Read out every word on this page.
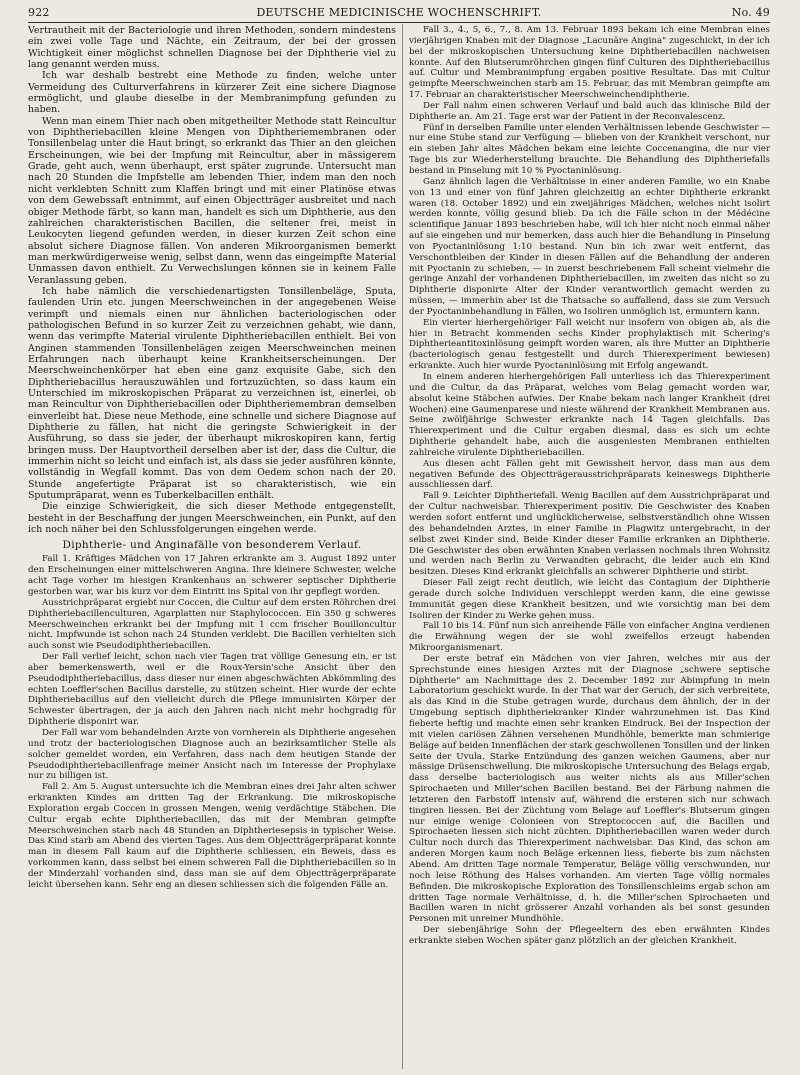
922	DEUTSCHE MEDICINISCHE WOCHENSCHRIFT.	No. 49

Vertrautheit mit der Bacteriologie und ihren Methoden, sondern mindestens ein zwei volle Tage und Nächte, ein Zeitraum, der bei der grossen Wichtigkeit einer möglichst schnellen Diagnose bei der Diphtherie viel zu lang genannt werden muss.

Ich war deshalb bestrebt eine Methode zu finden, welche unter Vermeidung des Culturverfahrens in kürzerer Zeit eine sichere Diagnose ermöglicht, und glaube dieselbe in der Membranimpfung gefunden zu haben.

Wenn man einem Thier nach oben mitgetheilter Methode statt Reincultur von Diphtheriebacillen kleine Mengen von Diphtheriemembranen oder Tonsillenbelag unter die Haut bringt, so erkrankt das Thier an den gleichen Erscheinungen, wie bei der Impfung mit Reincultur, aber in mässigerem Grade, geht auch, wenn überhaupt, erst später zugrunde. Untersucht man nach 20 Stunden die Impfstelle am lebenden Thier, indem man den noch nicht verklebten Schnitt zum Klaffen bringt und mit einer Platinöse etwas von dem Gewebssaft entnimmt, auf einen Objectträger ausbreitet und nach obiger Methode färbt, so kann man, handelt es sich um Diphtherie, aus den zahlreichen charakteristischen Bacillen, die seltener frei, meist in Leukocyten liegend gefunden werden, in dieser kurzen Zeit schon eine absolut sichere Diagnose fällen. Von anderen Mikroorganismen bemerkt man merkwürdigerweise wenig, selbst dann, wenn das eingeimpfte Material Unmassen davon enthielt. Zu Verwechslungen können sie in keinem Falle Veranlassung geben.

Ich habe nämlich die verschiedenartigsten Tonsillenbeläge, Sputa, faulenden Urin etc. jungen Meerschweinchen in der angegebenen Weise verimpft und niemals einen nur ähnlichen bacteriologischen oder pathologischen Befund in so kurzer Zeit zu verzeichnen gehabt, wie dann, wenn das verimpfte Material virulente Diphtheriebacillen enthielt. Bei von Anginen stammenden Tonsillenbelägen zeigen Meerschweinchen meinen Erfahrungen nach überhaupt keine Krankheitserscheinungen. Der Meerschweinchenkörper hat eben eine ganz exquisite Gabe, sich den Diphtheriebacillus herauszuwählen und fortzuzüchten, so dass kaum ein Unterschied im mikroskopischen Präparat zu verzeichnen ist, einerlei, ob man Reincultur von Diphtheriebacillen oder Diphtheriemembran demselben einverleibt hat. Diese neue Methode, eine schnelle und sichere Diagnose auf Diphtherie zu fällen, hat nicht die geringste Schwierigkeit in der Ausführung, so dass sie jeder, der überhaupt mikroskopiren kann, fertig bringen muss. Der Hauptvortheil derselben aber ist der, dass die Cultur, die immerhin nicht so leicht und einfach ist, als dass sie jeder ausführen könnte, vollständig in Wegfall kommt. Das von dem Oedem schon nach der 20. Stunde angefertigte Präparat ist so charakteristisch, wie ein Sputumpräparat, wenn es Tuberkelbacillen enthält.

Die einzige Schwierigkeit, die sich dieser Methode entgegenstellt, besteht in der Beschaffung der jungen Meerschweinchen, ein Punkt, auf den ich noch näher bei den Schlussfolgerungen eingehen werde.

Diphtherie- und Anginafälle von besonderem Verlauf.

Fall 1. Kräftiges Mädchen von 17 Jahren erkrankte am 3. August 1892 unter den Erscheinungen einer mittelschweren Angina. Ihre kleinere Schwester, welche acht Tage vorher im hiesigen Krankenhaus an schwerer septischer Diphtherie gestorben war, war bis kurz vor dem Eintritt ins Spital von ihr gepflegt worden.

Ausstrichpräparat ergiebt nur Coccen, die Cultur auf dem ersten Röhrchen drei Diphtheriebacillenculturen, Agarplatten nur Staphylococcen. Ein 350 g schweres Meerschweinchen erkrankt bei der Impfung mit 1 ccm frischer Bouilloncultur nicht. Impfwunde ist schon nach 24 Stunden verklebt. Die Bacillen verhielten sich auch sonst wie Pseudodiphtheriebacillen.

Der Fall verlief leicht, schon nach vier Tagen trat völlige Genesung ein, er ist aber bemerkenswerth, weil er die Roux-Yersin'sche Ansicht über den Pseudodiphtheriebacillus, dass dieser nur einen abgeschwächten Abkömmling des echten Loeffler'schen Bacillus darstelle, zu stützen scheint. Hier wurde der echte Diphtheriebacillus auf den vielleicht durch die Pflege immunisirten Körper der Schwester übertragen, der ja auch den Jahren nach nicht mehr hochgradig für Diphtherie disponirt war.

Der Fall war vom behandelnden Arzte von vornherein als Diphtherie angesehen und trotz der bacteriologischen Diagnose auch an bezirksamtlicher Stelle als solcher gemeldet worden, ein Verfahren, dass nach dem heutigen Stande der Pseudodiphtheriebacillenfrage meiner Ansicht nach im Interesse der Prophylaxe nur zu billigen ist.

Fall 2. Am 5. August untersuchte ich die Membran eines drei Jahr alten schwer erkrankten Kindes am dritten Tag der Erkrankung. Die mikroskopische Exploration ergab Coccen in grossen Mengen, wenig verdächtige Stäbchen. Die Cultur ergab echte Diphtheriebacillen, das mit der Membran geimpfte Meerschweinchen starb nach 48 Stunden an Diphtheriesepsis in typischer Weise. Das Kind starb am Abend des vierten Tages. Aus dem Objectträgerpräparat konnte man in diesem Fall kaum auf die Diphtherie schliessen, ein Beweis, dass es vorkommen kann, dass selbst bei einem schweren Fall die Diphtheriebacillen so in der Minderzahl vorhanden sind, dass man sie auf dem Objectträgerpräparate leicht übersehen kann. Sehr eng an diesen schliessen sich die folgenden Fälle an.

Fall 3., 4., 5, 6., 7., 8. Am 13. Februar 1893 bekam ich eine Membran eines vierjährigen Knaben mit der Diagnose „Lacunäre Angina" zugeschickt, in der ich bei der mikroskopischen Untersuchung keine Diphtheriebacillen nachweisen konnte. Auf den Blutserumröhrchen gingen fünf Culturen des Diphtheriebacillus auf. Cultur und Membranimpfung ergaben positive Resultate. Das mit Cultur geimpfte Meerschweinchen starb am 15. Februar, das mit Membran geimpfte am 17. Februar an charakteristischer Meerschweinchendiphtherie.

Der Fall nahm einen schweren Verlauf und bald auch das klinische Bild der Diphtherie an. Am 21. Tage erst war der Patient in der Reconvalescenz.

Fünf in derselben Familie unter elenden Verhältnissen lebende Geschwister — nur eine Stube stand zur Verfügung — blieben von der Krankheit verschont, nur ein sieben Jahr altes Mädchen bekam eine leichte Coccenangina, die nur vier Tage bis zur Wiederherstellung brauchte. Die Behandlung des Diphtheriefalls bestand in Pinselung mit 10 % Pyoctaninlösung.

Ganz ähnlich lagen die Verhältnisse in einer anderen Familie, wo ein Knabe von 13 und einer von fünf Jahren gleichzeitig an echter Diphtherie erkrankt waren (18. October 1892) und ein zweijähriges Mädchen, welches nicht isolirt werden konnte, völlig gesund blieb. Da ich die Fälle schon in der Médécine scientifique Januar 1893 beschrieben habe, will ich hier nicht noch einmal näher auf sie eingehen und nur bemerken, dass auch hier die Behandlung in Pinselung von Pyoctaninlösung 1:10 bestand. Nun bin ich zwar weit entfernt, das Verschontbleiben der Kinder in diesen Fällen auf die Behandlung der anderen mit Pyoctanin zu schieben, — in zuerst beschriebenem Fall scheint vielmehr die geringe Anzahl der vorhandenen Diphtheriebacillen, im zweiten das nicht so zu Diphtherie disponirte Alter der Kinder verantwortlich gemacht werden zu müssen, — immerhin aber ist die Thatsache so auffallend, dass sie zum Versuch der Pyoctaninbehandlung in Fällen, wo Isoliren unmöglich ist, ermuntern kann.

Ein vierter hierhergehöriger Fall weicht nur insofern von obigen ab, als die hier in Betracht kommenden sechs Kinder prophylaktisch mit Schering's Diphtherieantitoxinlösung geimpft worden waren, als ihre Mutter an Diphtherie (bacteriologisch genau festgestellt und durch Thierexperiment bewiesen) erkrankte. Auch hier wurde Pyoctaninlösung mit Erfolg angewandt.

In einem anderen hierhergehörigen Fall unterliess ich das Thierexperiment und die Cultur, da das Präparat, welches vom Belag gemacht worden war, absolut keine Stäbchen aufwies. Der Knabe bekam nach langer Krankheit (drei Wochen) eine Gaumenparese und nieste während der Krankheit Membranen aus. Seine zwölfjährige Schwester erkrankte nach 14 Tagen gleichfalls. Das Thierexperiment und die Cultur ergaben diesmal, dass es sich um echte Diphtherie gehandelt habe, auch die ausgeniesten Membranen enthielten zahlreiche virulente Diphtheriebacillen.

Aus diesen acht Fällen geht mit Gewissheit hervor, dass man aus dem negativen Befunde des Objectträgerausstrichpräparats keineswegs Diphtherie ausschliessen darf.

Fall 9. Leichter Diphtheriefall. Wenig Bacillen auf dem Ausstrichpräparat und der Cultur nachweisbar. Thierexperiment positiv. Die Geschwister des Knaben werden sofort entfernt und unglücklicherweise, selbstverständlich ohne Wissen des behandelnden Arztes, in einer Familie in Plagwitz untergebracht, in der selbst zwei Kinder sind. Beide Kinder dieser Familie erkranken an Diphtherie. Die Geschwister des oben erwähnten Knaben verlassen nochmals ihren Wohnsitz und werden nach Berlin zu Verwandten gebracht, die leider auch ein Kind besitzen. Dieses Kind erkrankt gleichfalls an schwerer Diphtherie und stirbt.

Dieser Fall zeigt recht deutlich, wie leicht das Contagium der Diphtherie gerade durch solche Individuen verschleppt werden kann, die eine gewisse Immunität gegen diese Krankheit besitzen, und wie vorsichtig man bei dem Isoliren der Kinder zu Werke gehen muss.

Fall 10 bis 14. Fünf nun sich anreihende Fälle von einfacher Angina verdienen die Erwähnung wegen der sie wohl zweifellos erzeugt habenden Mikroorganismenart.

Der erste betraf ein Mädchen von vier Jahren, welches mir aus der Sprechstunde eines hiesigen Arztes mit der Diagnose „schwere septische Diphtherie" am Nachmittage des 2. December 1892 zur Abimpfung in mein Laboratorium geschickt wurde. In der That war der Geruch, der sich verbreitete, als das Kind in die Stube getragen wurde, durchaus dem ähnlich, der in der Umgebung septisch diphtheriekranker Kinder wahrzunehmen ist. Das Kind fieberte heftig und machte einen sehr kranken Eindruck. Bei der Inspection der mit vielen cariösen Zähnen versehenen Mundhöhle, bemerkte man schmierige Beläge auf beiden Innenflächen der stark geschwollenen Tonsillen und der linken Seite der Uvula. Starke Entzündung des ganzen weichen Gaumens, aber nur mässige Drüsenschwellung. Die mikroskopische Untersuchung des Belags ergab, dass derselbe bacteriologisch aus weiter nichts als aus Miller'schen Spirochaeten und Miller'schen Bacillen bestand. Bei der Färbung nahmen die letzteren den Farbstoff intensiv auf, während die ersteren sich nur schwach tingiren liessen. Bei der Züchtung vom Belage auf Loeffler's Blutserum gingen nur einige wenige Colonieen von Streptococcen auf, die Bacillen und Spirochaeten liessen sich nicht züchten. Diphtheriebacillen waren weder durch Cultur noch durch das Thierexperiment nachweisbar. Das Kind, das schon am anderen Morgen kaum noch Beläge erkennen liess, fieberte bis zum nächsten Abend. Am dritten Tage normale Temperatur, Beläge völlig verschwunden, nur noch leise Röthung des Halses vorhanden. Am vierten Tage völlig normales Befinden. Die mikroskopische Exploration des Tonsillenschleims ergab schon am dritten Tage normale Verhältnisse, d. h. die Miller'schen Spirochaeten und Bacillen waren in nicht grösserer Anzahl vorhanden als bei sonst gesunden Personen mit unreiner Mundhöhle.

Der siebenjährige Sohn der Pflegeeltern des eben erwähnten Kindes erkrankte sieben Wochen später ganz plötzlich an der gleichen Krankheit.
